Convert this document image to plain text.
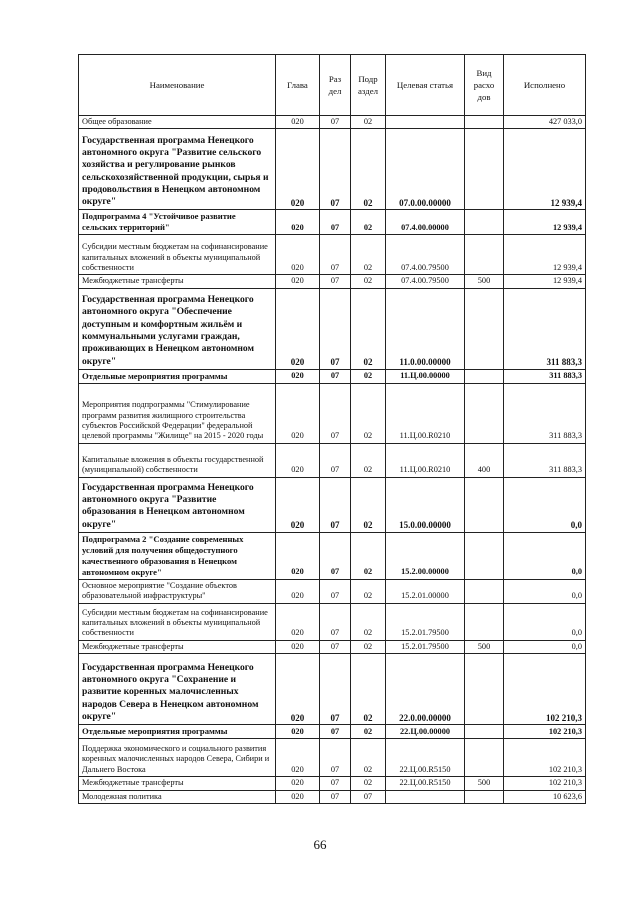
Наименование	Глава	Раз дел	Подр аздел	Целевая статья	Вид расхо дов	Исполнено
Общее образование	020	07	02			427 033,0
Государственная программа Ненецкого автономного округа "Развитие сельского хозяйства и регулирование рынков сельскохозяйственной продукции, сырья и продовольствия в Ненецком автономном округе"	020	07	02	07.0.00.00000		12 939,4
Подпрограмма 4 "Устойчивое развитие сельских территорий"	020	07	02	07.4.00.00000		12 939,4
Субсидии местным бюджетам на софинансирование капитальных вложений в объекты муниципальной собственности	020	07	02	07.4.00.79500		12 939,4
Межбюджетные трансферты	020	07	02	07.4.00.79500	500	12 939,4
Государственная программа Ненецкого автономного округа "Обеспечение доступным и комфортным жильём и коммунальными услугами граждан, проживающих в Ненецком автономном округе"	020	07	02	11.0.00.00000		311 883,3
Отдельные мероприятия программы	020	07	02	11.Ц.00.00000		311 883,3
Мероприятия подпрограммы "Стимулирование программ развития жилищного строительства субъектов Российской Федерации" федеральной целевой программы "Жилище" на 2015 - 2020 годы	020	07	02	11.Ц.00.R0210		311 883,3
Капитальные вложения в объекты государственной (муниципальной) собственности	020	07	02	11.Ц.00.R0210	400	311 883,3
Государственная программа Ненецкого автономного округа "Развитие образования в Ненецком автономном округе"	020	07	02	15.0.00.00000		0,0
Подпрограмма 2 "Создание современных условий для получения общедоступного качественного образования в Ненецком автономном округе"	020	07	02	15.2.00.00000		0,0
Основное мероприятие "Создание объектов образовательной инфраструктуры"	020	07	02	15.2.01.00000		0,0
Субсидии местным бюджетам на софинансирование капитальных вложений в объекты муниципальной собственности	020	07	02	15.2.01.79500		0,0
Межбюджетные трансферты	020	07	02	15.2.01.79500	500	0,0
Государственная программа Ненецкого автономного округа "Сохранение и развитие коренных малочисленных народов Севера в Ненецком автономном округе"	020	07	02	22.0.00.00000		102 210,3
Отдельные мероприятия программы	020	07	02	22.Ц.00.00000		102 210,3
Поддержка экономического и социального развития коренных малочисленных народов Севера, Сибири и Дальнего Востока	020	07	02	22.Ц.00.R5150		102 210,3
Межбюджетные трансферты	020	07	02	22.Ц.00.R5150	500	102 210,3
Молодежная политика	020	07	07			10 623,6
66
